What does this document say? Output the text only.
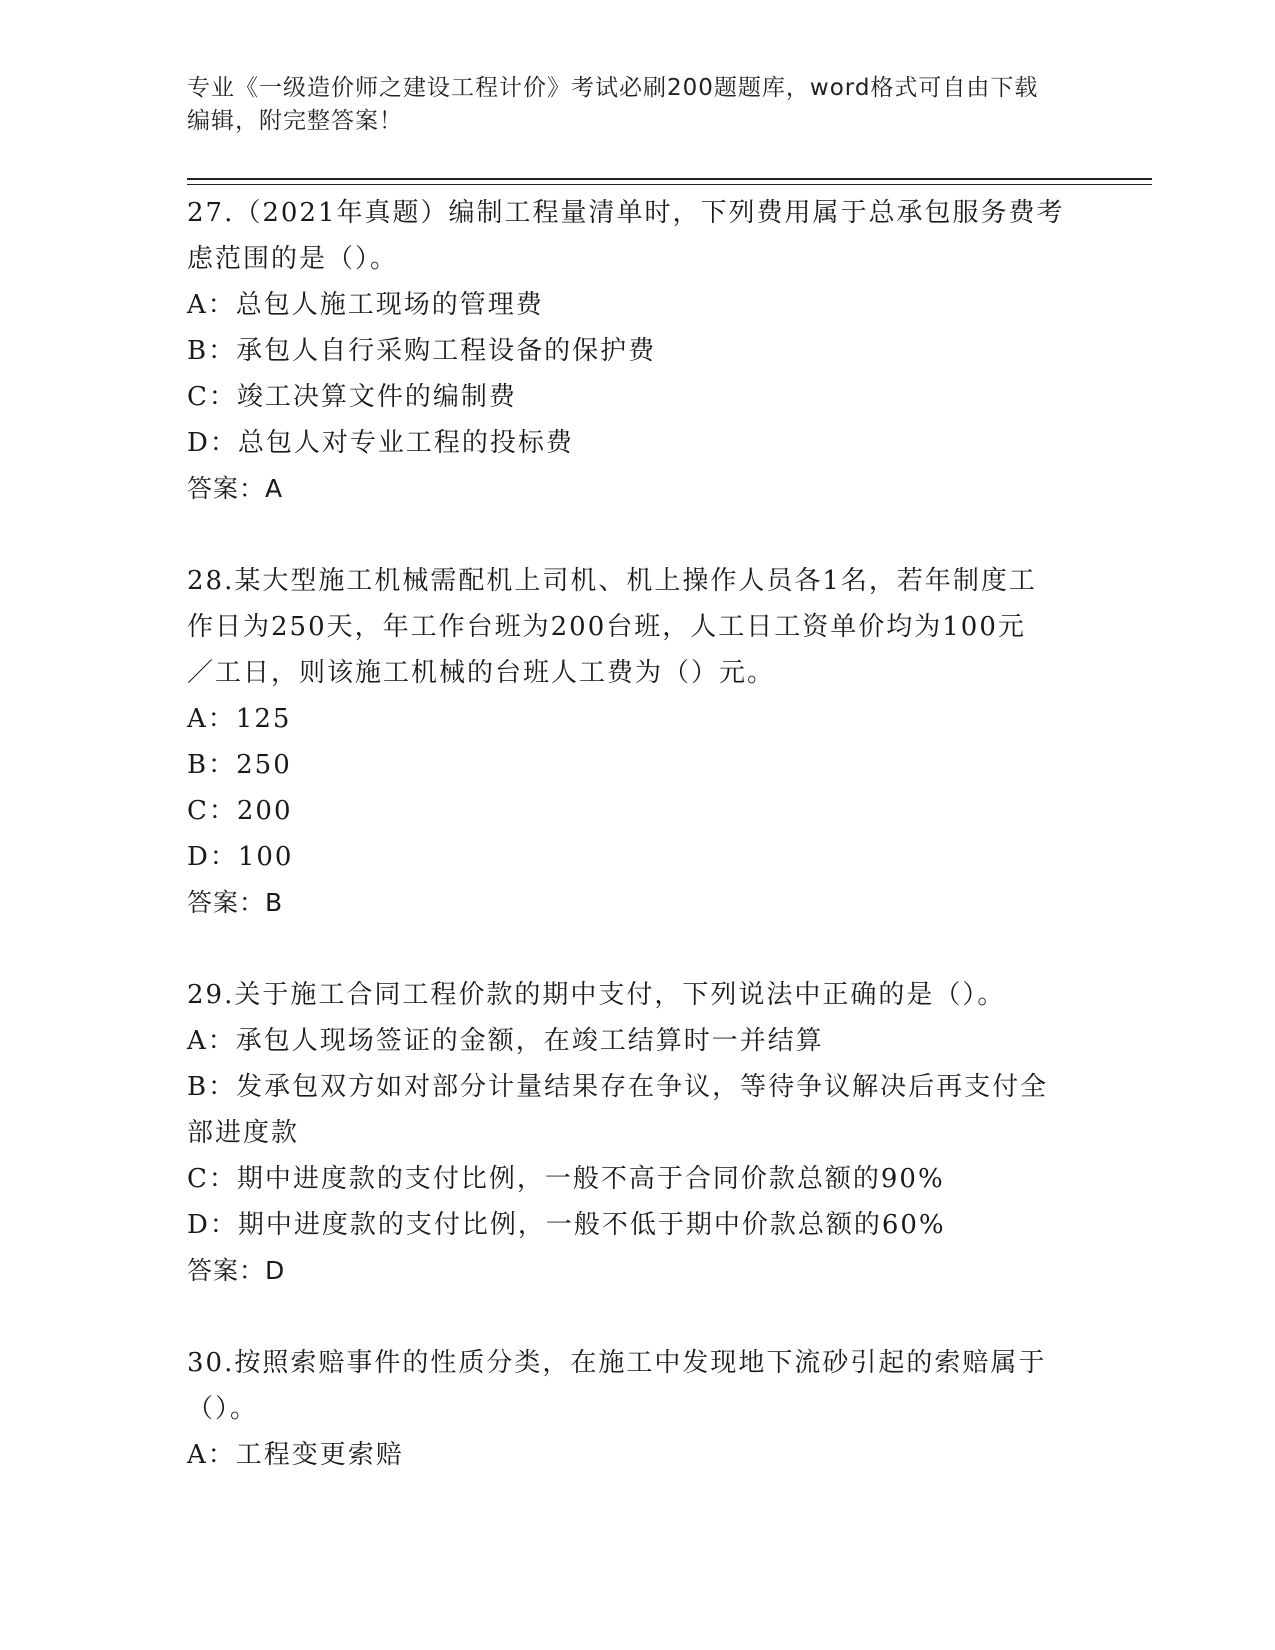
专业《一级造价师之建设工程计价》考试必刷200题题库，word格式可自由下载
编辑，附完整答案！
27.（2021年真题）编制工程量清单时，下列费用属于总承包服务费考
虑范围的是（）。
A：总包人施工现场的管理费
B：承包人自行采购工程设备的保护费
C：竣工决算文件的编制费
D：总包人对专业工程的投标费
答案：A
28.某大型施工机械需配机上司机、机上操作人员各1名，若年制度工
作日为250天，年工作台班为200台班，人工日工资单价均为100元
／工日，则该施工机械的台班人工费为（）元。
A：125
B：250
C：200
D：100
答案：B
29.关于施工合同工程价款的期中支付，下列说法中正确的是（）。
A：承包人现场签证的金额，在竣工结算时一并结算
B：发承包双方如对部分计量结果存在争议，等待争议解决后再支付全
部进度款
C：期中进度款的支付比例，一般不高于合同价款总额的90%
D：期中进度款的支付比例，一般不低于期中价款总额的60%
答案：D
30.按照索赔事件的性质分类，在施工中发现地下流砂引起的索赔属于
（）。
A：工程变更索赔
